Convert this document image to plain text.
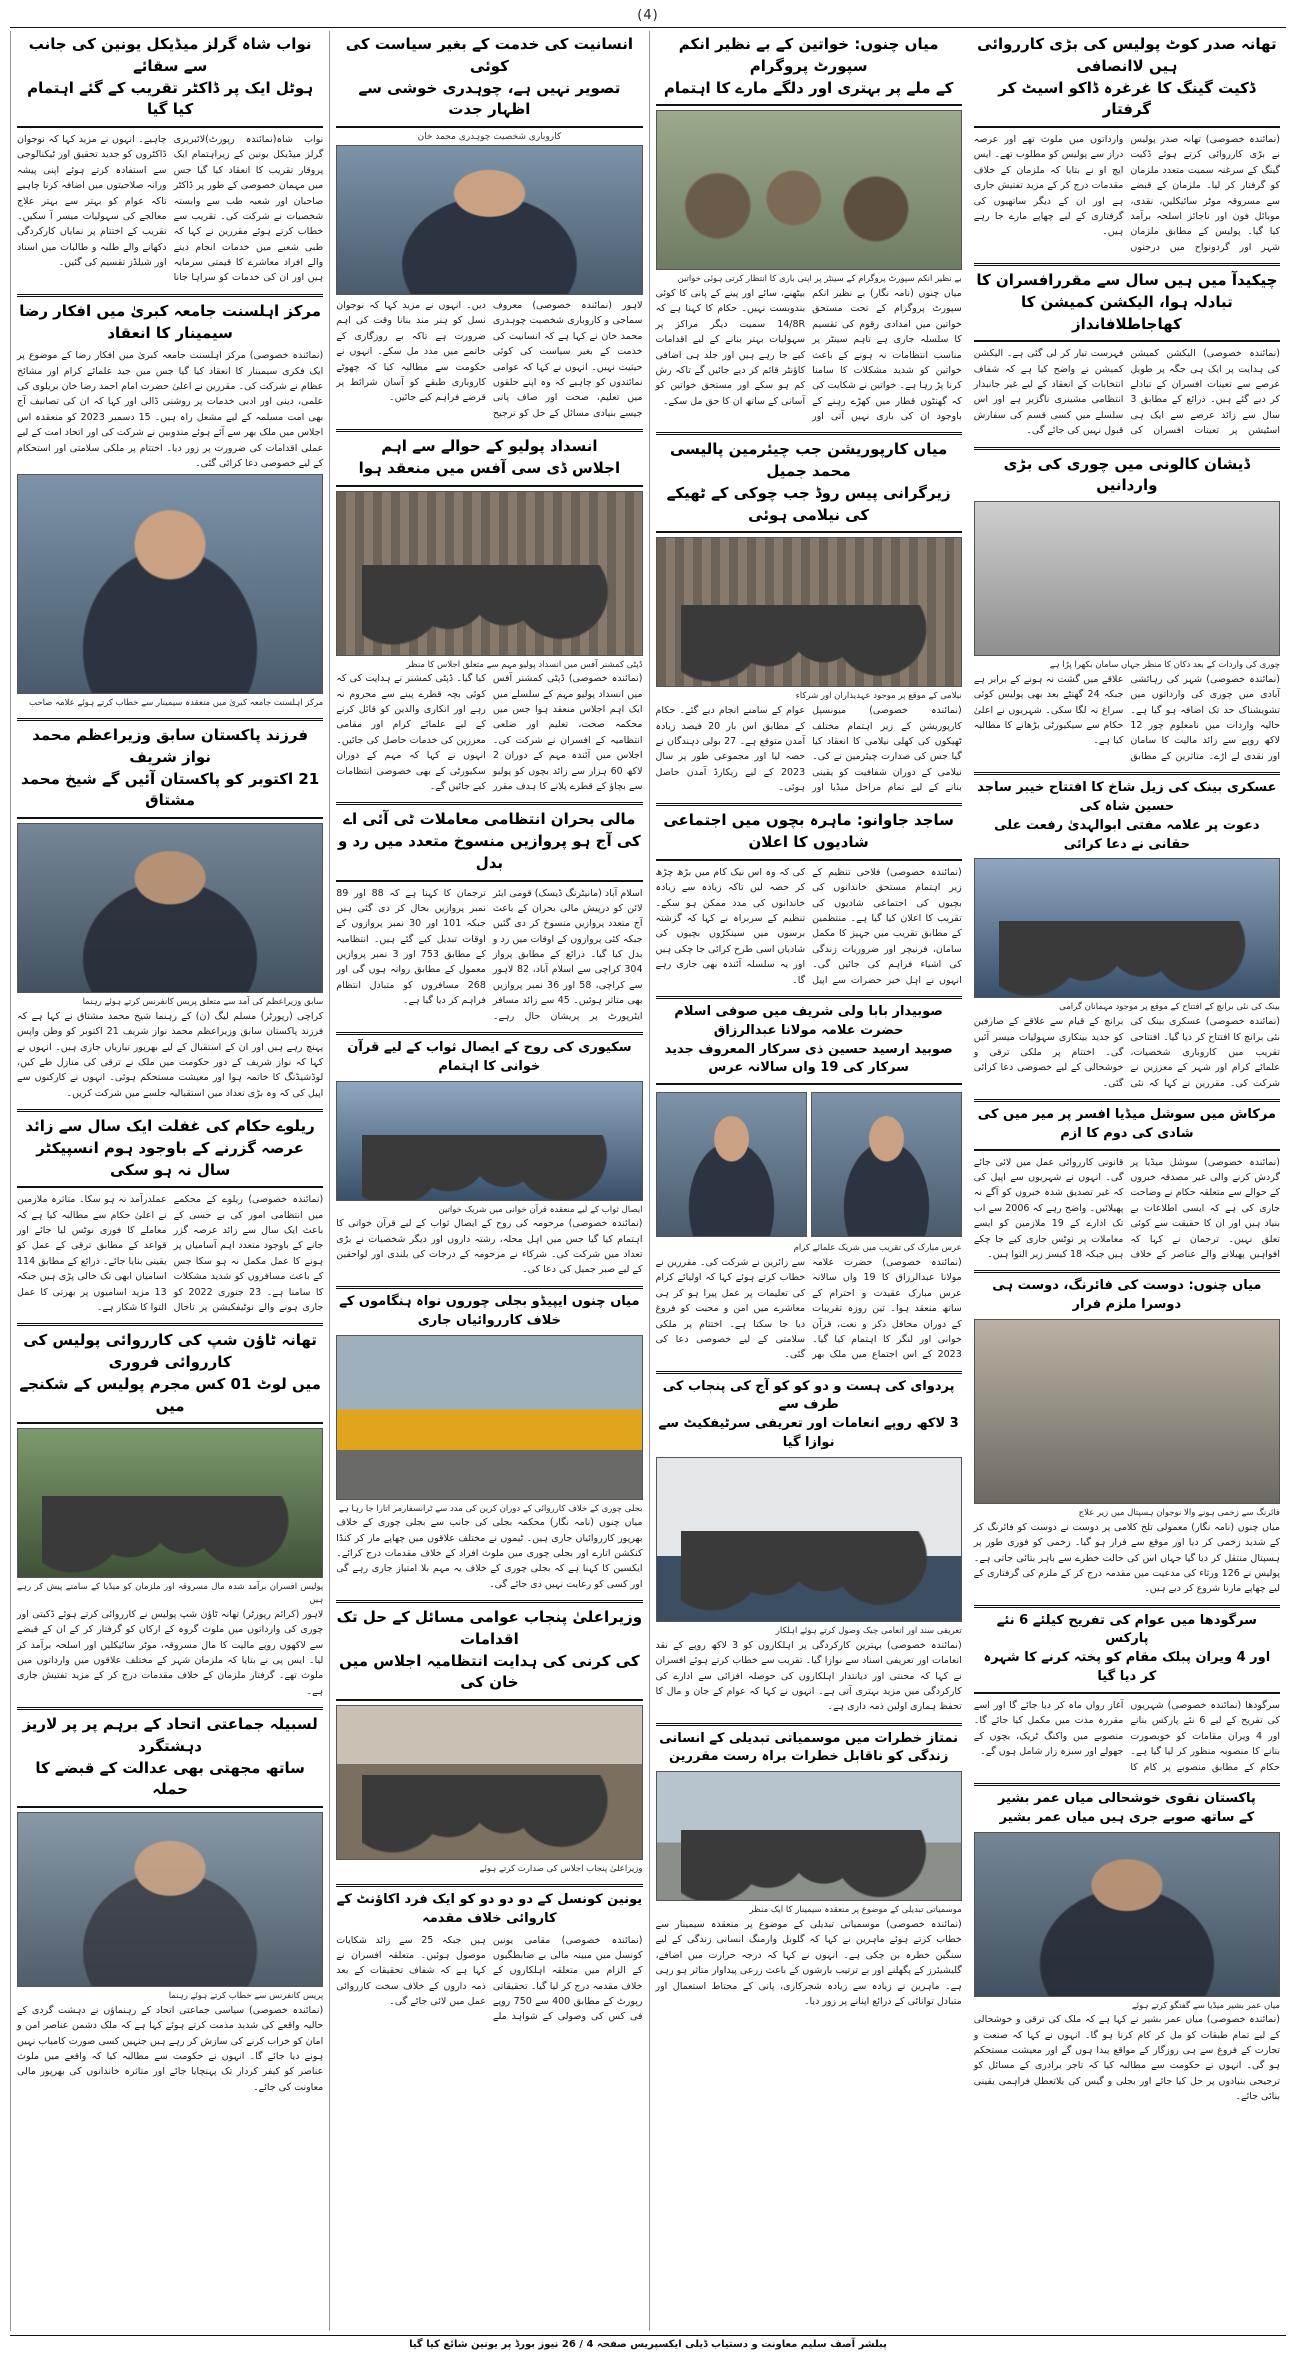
(4)
نواب شاہ گرلز میڈیکل یونین کی جانب سے سقائے
ہوٹل ایک پر ڈاکٹر تقریب کے گئے اہتمام کیا گیا
نواب شاہ(نمائندہ رپورٹ)لائبریری گرلز میڈیکل یونین کے زیراہتمام ایک پروقار تقریب کا انعقاد کیا گیا جس میں مہمان خصوصی کے طور پر ڈاکٹر صاحبان اور شعبہ طب سے وابستہ شخصیات نے شرکت کی۔ تقریب سے خطاب کرتے ہوئے مقررین نے کہا کہ طبی شعبے میں خدمات انجام دینے والے افراد معاشرے کا قیمتی سرمایہ ہیں اور ان کی خدمات کو سراہا جانا چاہیے۔ انہوں نے مزید کہا کہ نوجوان ڈاکٹروں کو جدید تحقیق اور ٹیکنالوجی سے استفادہ کرتے ہوئے اپنی پیشہ ورانہ صلاحیتوں میں اضافہ کرنا چاہیے تاکہ عوام کو بہتر سے بہتر علاج معالجے کی سہولیات میسر آ سکیں۔ تقریب کے اختتام پر نمایاں کارکردگی دکھانے والے طلبہ و طالبات میں اسناد اور شیلڈز تقسیم کی گئیں۔
مرکز اہلسنت جامعہ کبریٰ میں افکار رضا سیمینار کا انعقاد
(نمائندہ خصوصی) مرکز اہلسنت جامعہ کبریٰ میں افکار رضا کے موضوع پر ایک فکری سیمینار کا انعقاد کیا گیا جس میں جید علمائے کرام اور مشائخ عظام نے شرکت کی۔ مقررین نے اعلیٰ حضرت امام احمد رضا خان بریلوی کی علمی، دینی اور ادبی خدمات پر روشنی ڈالی اور کہا کہ ان کی تصانیف آج بھی امت مسلمہ کے لیے مشعل راہ ہیں۔ 15 دسمبر 2023 کو منعقدہ اس اجلاس میں ملک بھر سے آئے ہوئے مندوبین نے شرکت کی اور اتحاد امت کے لیے عملی اقدامات کی ضرورت پر زور دیا۔ اختتام پر ملکی سلامتی اور استحکام کے لیے خصوصی دعا کرائی گئی۔
مرکز اہلسنت جامعہ کبریٰ میں منعقدہ سیمینار سے خطاب کرتے ہوئے علامہ صاحب
فرزند پاکستان سابق وزیراعظم محمد نواز شریف
21 اکتوبر کو پاکستان آئیں گے شیخ محمد مشتاق
سابق وزیراعظم کی آمد سے متعلق پریس کانفرنس کرتے ہوئے رہنما
کراچی (رپورٹر) مسلم لیگ (ن) کے رہنما شیخ محمد مشتاق نے کہا ہے کہ فرزند پاکستان سابق وزیراعظم محمد نواز شریف 21 اکتوبر کو وطن واپس پہنچ رہے ہیں اور ان کے استقبال کے لیے بھرپور تیاریاں جاری ہیں۔ انہوں نے کہا کہ نواز شریف کے دور حکومت میں ملک نے ترقی کی منازل طے کیں، لوڈشیڈنگ کا خاتمہ ہوا اور معیشت مستحکم ہوئی۔ انہوں نے کارکنوں سے اپیل کی کہ وہ بڑی تعداد میں استقبالیہ جلسے میں شرکت کریں۔
ریلوے حکام کی غفلت ایک سال سے زائد
عرصہ گزرنے کے باوجود ہوم انسپیکٹر سال نہ ہو سکی
(نمائندہ خصوصی) ریلوے کے محکمے میں انتظامی امور کی بے حسی کے باعث ایک سال سے زائد عرصہ گزر جانے کے باوجود متعدد اہم آسامیاں پر ہونے کا عمل مکمل نہ ہو سکا جس کے باعث مسافروں کو شدید مشکلات کا سامنا ہے۔ 23 جنوری 2022 کو جاری ہونے والے نوٹیفکیشن پر تاحال عملدرآمد نہ ہو سکا۔ متاثرہ ملازمین نے اعلیٰ حکام سے مطالبہ کیا ہے کہ معاملے کا فوری نوٹس لیا جائے اور قواعد کے مطابق ترقی کے عمل کو یقینی بنایا جائے۔ ذرائع کے مطابق 114 اسامیاں ابھی تک خالی پڑی ہیں جبکہ 13 مزید اسامیوں پر بھرتی کا عمل التوا کا شکار ہے۔
تھانہ ٹاؤن شپ کی کارروائی پولیس کی کارروائی فروری
میں لوٹ 01 کس مجرم پولیس کے شکنجے میں
پولیس افسران برآمد شدہ مال مسروقہ اور ملزمان کو میڈیا کے سامنے پیش کر رہے ہیں
لاہور (کرائم رپورٹر) تھانہ ٹاؤن شپ پولیس نے کارروائی کرتے ہوئے ڈکیتی اور چوری کی وارداتوں میں ملوث گروہ کے ارکان کو گرفتار کر کے ان کے قبضے سے لاکھوں روپے مالیت کا مال مسروقہ، موٹر سائیکلیں اور اسلحہ برآمد کر لیا۔ ایس پی نے بتایا کہ ملزمان شہر کے مختلف علاقوں میں وارداتوں میں ملوث تھے۔ گرفتار ملزمان کے خلاف مقدمات درج کر کے مزید تفتیش جاری ہے۔
لسبیلہ جماعتی اتحاد کے برہم پر پر لاریز دہشتگرد
ساتھ مجھتی بھی عدالت کے قبضے کا حملہ
پریس کانفرنس سے خطاب کرتے ہوئے رہنما
(نمائندہ خصوصی) سیاسی جماعتی اتحاد کے رہنماؤں نے دہشت گردی کے حالیہ واقعے کی شدید مذمت کرتے ہوئے کہا ہے کہ ملک دشمن عناصر امن و امان کو خراب کرنے کی سازش کر رہے ہیں جنہیں کسی صورت کامیاب نہیں ہونے دیا جائے گا۔ انہوں نے حکومت سے مطالبہ کیا کہ واقعے میں ملوث عناصر کو کیفر کردار تک پہنچایا جائے اور متاثرہ خاندانوں کی بھرپور مالی معاونت کی جائے۔
انسانیت کی خدمت کے بغیر سیاست کی کوئی
تصویر نہیں ہے، چوہدری خوشی سے اظہار جدت
کاروباری شخصیت چوہدری محمد خان
لاہور (نمائندہ خصوصی) معروف سماجی و کاروباری شخصیت چوہدری محمد خان نے کہا ہے کہ انسانیت کی خدمت کے بغیر سیاست کی کوئی حیثیت نہیں۔ انہوں نے کہا کہ عوامی نمائندوں کو چاہیے کہ وہ اپنے حلقوں میں تعلیم، صحت اور صاف پانی جیسے بنیادی مسائل کے حل کو ترجیح دیں۔ انہوں نے مزید کہا کہ نوجوان نسل کو ہنر مند بنانا وقت کی اہم ضرورت ہے تاکہ بے روزگاری کے خاتمے میں مدد مل سکے۔ انہوں نے حکومت سے مطالبہ کیا کہ چھوٹے کاروباری طبقے کو آسان شرائط پر قرضے فراہم کیے جائیں۔
انسداد پولیو کے حوالے سے اہم
اجلاس ڈی سی آفس میں منعقد ہوا
ڈپٹی کمشنر آفس میں انسداد پولیو مہم سے متعلق اجلاس کا منظر
(نمائندہ خصوصی) ڈپٹی کمشنر آفس میں انسداد پولیو مہم کے سلسلے میں ایک اہم اجلاس منعقد ہوا جس میں محکمہ صحت، تعلیم اور ضلعی انتظامیہ کے افسران نے شرکت کی۔ اجلاس میں آئندہ مہم کے دوران 2 لاکھ 60 ہزار سے زائد بچوں کو پولیو سے بچاؤ کے قطرے پلانے کا ہدف مقرر کیا گیا۔ ڈپٹی کمشنر نے ہدایت کی کہ کوئی بچہ قطرے پینے سے محروم نہ رہے اور انکاری والدین کو قائل کرنے کے لیے علمائے کرام اور مقامی معززین کی خدمات حاصل کی جائیں۔ انہوں نے کہا کہ مہم کے دوران سکیورٹی کے بھی خصوصی انتظامات کیے جائیں گے۔
مالی بحران انتظامی معاملات ٹی آئی اے
کی آج ہو پروازیں منسوخ متعدد میں رد و بدل
اسلام آباد (مانیٹرنگ ڈیسک) قومی ایئر لائن کو درپیش مالی بحران کے باعث آج متعدد پروازیں منسوخ کر دی گئیں جبکہ کئی پروازوں کے اوقات میں رد و بدل کیا گیا۔ ذرائع کے مطابق پرواز 304 کراچی سے اسلام آباد، 82 لاہور سے کراچی، 58 اور 36 نمبر پروازیں بھی متاثر ہوئیں۔ 45 سے زائد مسافر ایئرپورٹ پر پریشان حال رہے۔ ترجمان کا کہنا ہے کہ 88 اور 89 نمبر پروازیں بحال کر دی گئی ہیں جبکہ 101 اور 30 نمبر پروازوں کے اوقات تبدیل کیے گئے ہیں۔ انتظامیہ کے مطابق 753 اور 3 نمبر پروازیں معمول کے مطابق روانہ ہوں گی اور 268 مسافروں کو متبادل انتظام فراہم کر دیا گیا ہے۔
سکیوری کی روح کے ایصال ثواب کے لیے قرآن خوانی کا اہتمام
ایصال ثواب کے لیے منعقدہ قرآن خوانی میں شریک خواتین
(نمائندہ خصوصی) مرحومہ کی روح کے ایصال ثواب کے لیے قرآن خوانی کا اہتمام کیا گیا جس میں اہل محلہ، رشتہ داروں اور دیگر شخصیات نے بڑی تعداد میں شرکت کی۔ شرکاء نے مرحومہ کے درجات کی بلندی اور لواحقین کے لیے صبر جمیل کی دعا کی۔
میاں چنوں ایپیڈو بجلی چوروں نواہ ہنگاموں کے خلاف کارروائیاں جاری
بجلی چوری کے خلاف کارروائی کے دوران کرین کی مدد سے ٹرانسفارمر اتارا جا رہا ہے
میاں چنوں (نامہ نگار) محکمہ بجلی کی جانب سے بجلی چوری کے خلاف بھرپور کارروائیاں جاری ہیں۔ ٹیموں نے مختلف علاقوں میں چھاپے مار کر کنڈا کنکشن اتارے اور بجلی چوری میں ملوث افراد کے خلاف مقدمات درج کرائے۔ ایکسین کا کہنا ہے کہ بجلی چوری کے خلاف یہ مہم بلا امتیاز جاری رہے گی اور کسی کو رعایت نہیں دی جائے گی۔
وزیراعلیٰ پنجاب عوامی مسائل کے حل تک اقدامات
کی کرنی کی ہدایت انتظامیہ اجلاس میں خان کی
وزیراعلیٰ پنجاب اجلاس کی صدارت کرتے ہوئے
یونین کونسل کے دو دو دو کو ایک فرد اکاؤنٹ کے کاروائی خلاف مقدمہ
(نمائندہ خصوصی) مقامی یونین کونسل میں مبینہ مالی بے ضابطگیوں کے الزام میں متعلقہ اہلکاروں کے خلاف مقدمہ درج کر لیا گیا۔ تحقیقاتی رپورٹ کے مطابق 400 سے 750 روپے فی کس کی وصولی کے شواہد ملے ہیں جبکہ 25 سے زائد شکایات موصول ہوئیں۔ متعلقہ افسران نے کہا ہے کہ شفاف تحقیقات کے بعد ذمہ داروں کے خلاف سخت کارروائی عمل میں لائی جائے گی۔
میاں چنوں: خواتین کے بے نظیر انکم سپورٹ پروگرام
کے ملے پر بہتری اور دلگے مارے کا اہتمام
بے نظیر انکم سپورٹ پروگرام کے سینٹر پر اپنی باری کا انتظار کرتی ہوئی خواتین
میاں چنوں (نامہ نگار) بے نظیر انکم سپورٹ پروگرام کے تحت مستحق خواتین میں امدادی رقوم کی تقسیم کا سلسلہ جاری ہے تاہم سینٹر پر مناسب انتظامات نہ ہونے کے باعث خواتین کو شدید مشکلات کا سامنا کرنا پڑ رہا ہے۔ خواتین نے شکایت کی کہ گھنٹوں قطار میں کھڑے رہنے کے باوجود ان کی باری نہیں آتی اور بیٹھنے، سائے اور پینے کے پانی کا کوئی بندوبست نہیں۔ حکام کا کہنا ہے کہ 14/8R سمیت دیگر مراکز پر سہولیات بہتر بنانے کے لیے اقدامات کیے جا رہے ہیں اور جلد ہی اضافی کاؤنٹر قائم کر دیے جائیں گے تاکہ رش کم ہو سکے اور مستحق خواتین کو آسانی کے ساتھ ان کا حق مل سکے۔
میاں کارپوریشن جب چیئرمین پالیسی محمد جمیل
زیرگرانی پیس روڈ جب چوکی کے ٹھیکے کی نیلامی ہوئی
نیلامی کے موقع پر موجود عہدیداران اور شرکاء
(نمائندہ خصوصی) میونسپل کارپوریشن کے زیر اہتمام مختلف ٹھیکوں کی کھلی نیلامی کا انعقاد کیا گیا جس کی صدارت چیئرمین نے کی۔ نیلامی کے دوران شفافیت کو یقینی بنانے کے لیے تمام مراحل میڈیا اور عوام کے سامنے انجام دیے گئے۔ حکام کے مطابق اس بار 20 فیصد زیادہ آمدن متوقع ہے۔ 27 بولی دہندگان نے حصہ لیا اور مجموعی طور پر سال 2023 کے لیے ریکارڈ آمدن حاصل ہوئی۔
ساجد جاوانو: ماہرہ بچوں میں اجتماعی شادیوں کا اعلان
(نمائندہ خصوصی) فلاحی تنظیم کے زیر اہتمام مستحق خاندانوں کی بچیوں کی اجتماعی شادیوں کی تقریب کا اعلان کیا گیا ہے۔ منتظمین کے مطابق تقریب میں جہیز کا مکمل سامان، فرنیچر اور ضروریات زندگی کی اشیاء فراہم کی جائیں گی۔ انہوں نے اہل خیر حضرات سے اپیل کی کہ وہ اس نیک کام میں بڑھ چڑھ کر حصہ لیں تاکہ زیادہ سے زیادہ خاندانوں کی مدد ممکن ہو سکے۔ تنظیم کے سربراہ نے کہا کہ گزشتہ برسوں میں سینکڑوں بچیوں کی شادیاں اسی طرح کرائی جا چکی ہیں اور یہ سلسلہ آئندہ بھی جاری رہے گا۔
صوبیدار بابا ولی شریف میں صوفی اسلام حضرت علامہ مولانا عبدالرزاق
صوبید ارسید حسین ذی سرکار المعروف جدید سرکار کی 19 واں سالانہ عرس
عرس مبارک کی تقریب میں شریک علمائے کرام
(نمائندہ خصوصی) حضرت علامہ مولانا عبدالرزاق کا 19 واں سالانہ عرس مبارک عقیدت و احترام کے ساتھ منعقد ہوا۔ تین روزہ تقریبات کے دوران محافل ذکر و نعت، قرآن خوانی اور لنگر کا اہتمام کیا گیا۔ 2023 کے اس اجتماع میں ملک بھر سے زائرین نے شرکت کی۔ مقررین نے خطاب کرتے ہوئے کہا کہ اولیائے کرام کی تعلیمات پر عمل پیرا ہو کر ہی معاشرے میں امن و محبت کو فروغ دیا جا سکتا ہے۔ اختتام پر ملکی سلامتی کے لیے خصوصی دعا کی گئی۔
پردوای کی ہست و دو کو کو آج کی پنجاب کی طرف سے
3 لاکھ روپے انعامات اور تعریفی سرٹیفکیٹ سے نوازا گیا
تعریفی سند اور انعامی چیک وصول کرتے ہوئے اہلکار
(نمائندہ خصوصی) بہترین کارکردگی پر اہلکاروں کو 3 لاکھ روپے کے نقد انعامات اور تعریفی اسناد سے نوازا گیا۔ تقریب سے خطاب کرتے ہوئے افسران نے کہا کہ محنتی اور دیانتدار اہلکاروں کی حوصلہ افزائی سے ادارے کی کارکردگی میں مزید بہتری آتی ہے۔ انہوں نے کہا کہ عوام کے جان و مال کا تحفظ ہماری اولین ذمہ داری ہے۔
نمتاز خطرات میں موسمیاتی تبدیلی کے انسانی
زندگی کو ناقابل خطرات براہ رست مقررین
موسمیاتی تبدیلی کے موضوع پر منعقدہ سیمینار کا ایک منظر
(نمائندہ خصوصی) موسمیاتی تبدیلی کے موضوع پر منعقدہ سیمینار سے خطاب کرتے ہوئے ماہرین نے کہا کہ گلوبل وارمنگ انسانی زندگی کے لیے سنگین خطرہ بن چکی ہے۔ انہوں نے کہا کہ درجہ حرارت میں اضافے، گلیشیئرز کے پگھلنے اور بے ترتیب بارشوں کے باعث زرعی پیداوار متاثر ہو رہی ہے۔ ماہرین نے زیادہ سے زیادہ شجرکاری، پانی کے محتاط استعمال اور متبادل توانائی کے ذرائع اپنانے پر زور دیا۔
تھانہ صدر کوٹ پولیس کی بڑی کارروائی ہیں لاانصافی
ڈکیت گینگ کا غرغرہ ڈاکو اسیٹ کر گرفتار
(نمائندہ خصوصی) تھانہ صدر پولیس نے بڑی کارروائی کرتے ہوئے ڈکیت گینگ کے سرغنہ سمیت متعدد ملزمان کو گرفتار کر لیا۔ ملزمان کے قبضے سے مسروقہ موٹر سائیکلیں، نقدی، موبائل فون اور ناجائز اسلحہ برآمد کیا گیا۔ پولیس کے مطابق ملزمان شہر اور گردونواح میں درجنوں وارداتوں میں ملوث تھے اور عرصہ دراز سے پولیس کو مطلوب تھے۔ ایس ایچ او نے بتایا کہ ملزمان کے خلاف مقدمات درج کر کے مزید تفتیش جاری ہے اور ان کے دیگر ساتھیوں کی گرفتاری کے لیے چھاپے مارے جا رہے ہیں۔
چیکیدآ میں ہیں سال سے مقررافسران کا
تبادلہ ہوا، الیکشن کمیشن کا کھاجاطلافانداز
(نمائندہ خصوصی) الیکشن کمیشن کی ہدایت پر ایک ہی جگہ پر طویل عرصے سے تعینات افسران کے تبادلے کر دیے گئے ہیں۔ ذرائع کے مطابق 3 سال سے زائد عرصے سے ایک ہی اسٹیشن پر تعینات افسران کی فہرست تیار کر لی گئی ہے۔ الیکشن کمیشن نے واضح کیا ہے کہ شفاف انتخابات کے انعقاد کے لیے غیر جانبدار انتظامی مشینری ناگزیر ہے اور اس سلسلے میں کسی قسم کی سفارش قبول نہیں کی جائے گی۔
ڈیشان کالونی میں چوری کی بڑی واردانیں
چوری کی واردات کے بعد دکان کا منظر جہاں سامان بکھرا پڑا ہے
(نمائندہ خصوصی) شہر کی رہائشی آبادی میں چوری کی وارداتوں میں تشویشناک حد تک اضافہ ہو گیا ہے۔ حالیہ واردات میں نامعلوم چور 12 لاکھ روپے سے زائد مالیت کا سامان اور نقدی لے اڑے۔ متاثرین کے مطابق علاقے میں گشت نہ ہونے کے برابر ہے جبکہ 24 گھنٹے بعد بھی پولیس کوئی سراغ نہ لگا سکی۔ شہریوں نے اعلیٰ حکام سے سیکیورٹی بڑھانے کا مطالبہ کیا ہے۔
عسکری بینک کی زیل شاخ کا افتتاح خیبر ساجد حسین شاہ کی
دعوت پر علامہ مفتی ابوالہدیٰ رفعت علی حقانی نے دعا کرائی
بینک کی نئی برانچ کے افتتاح کے موقع پر موجود مہمانان گرامی
(نمائندہ خصوصی) عسکری بینک کی نئی برانچ کا افتتاح کر دیا گیا۔ افتتاحی تقریب میں کاروباری شخصیات، علمائے کرام اور شہر کے معززین نے شرکت کی۔ مقررین نے کہا کہ نئی برانچ کے قیام سے علاقے کے صارفین کو جدید بینکاری سہولیات میسر آئیں گی۔ اختتام پر ملکی ترقی و خوشحالی کے لیے خصوصی دعا کرائی گئی۔
مرکاش میں سوشل میڈیا افسر پر میر میں کی شادی کی دوم کا ازم
(نمائندہ خصوصی) سوشل میڈیا پر گردش کرنے والی غیر مصدقہ خبروں کے حوالے سے متعلقہ حکام نے وضاحت جاری کی ہے کہ ایسی اطلاعات بے بنیاد ہیں اور ان کا حقیقت سے کوئی تعلق نہیں۔ ترجمان نے کہا کہ افواہیں پھیلانے والے عناصر کے خلاف قانونی کارروائی عمل میں لائی جائے گی۔ انہوں نے شہریوں سے اپیل کی کہ غیر تصدیق شدہ خبروں کو آگے نہ پھیلائیں۔ واضح رہے کہ 2006 سے اب تک ادارے کے 19 ملازمین کو ایسے معاملات پر نوٹس جاری کیے جا چکے ہیں جبکہ 18 کیسز زیر التوا ہیں۔
میاں چنوں: دوست کی فائرنگ، دوست ہی دوسرا ملزم فرار
فائرنگ سے زخمی ہونے والا نوجوان ہسپتال میں زیر علاج
میاں چنوں (نامہ نگار) معمولی تلخ کلامی پر دوست نے دوست کو فائرنگ کر کے شدید زخمی کر دیا اور موقع سے فرار ہو گیا۔ زخمی کو فوری طور پر ہسپتال منتقل کر دیا گیا جہاں اس کی حالت خطرے سے باہر بتائی جاتی ہے۔ پولیس نے 126 ورثاء کی مدعیت میں مقدمہ درج کر کے ملزم کی گرفتاری کے لیے چھاپے مارنا شروع کر دیے ہیں۔
سرگودھا میں عوام کی تفریح کیلئے 6 نئے پارکس
اور 4 ویران پبلک مقام کو پختہ کرنے کا شہرہ کر دیا گیا
سرگودھا (نمائندہ خصوصی) شہریوں کی تفریح کے لیے 6 نئے پارکس بنانے اور 4 ویران مقامات کو خوبصورت بنانے کا منصوبہ منظور کر لیا گیا ہے۔ حکام کے مطابق منصوبے پر کام کا آغاز رواں ماہ کر دیا جائے گا اور اسے مقررہ مدت میں مکمل کیا جائے گا۔ منصوبے میں واکنگ ٹریک، بچوں کے جھولے اور سبزہ زار شامل ہوں گے۔
پاکستان نقوی خوشحالی میاں عمر بشیر
کے ساتھ صوبے جری ہیں میاں عمر بشیر
میاں عمر بشیر میڈیا سے گفتگو کرتے ہوئے
(نمائندہ خصوصی) میاں عمر بشیر نے کہا ہے کہ ملک کی ترقی و خوشحالی کے لیے تمام طبقات کو مل کر کام کرنا ہو گا۔ انہوں نے کہا کہ صنعت و تجارت کے فروغ سے ہی روزگار کے مواقع پیدا ہوں گے اور معیشت مستحکم ہو گی۔ انہوں نے حکومت سے مطالبہ کیا کہ تاجر برادری کے مسائل کو ترجیحی بنیادوں پر حل کیا جائے اور بجلی و گیس کی بلاتعطل فراہمی یقینی بنائی جائے۔
پبلشر آصف سلیم معاونت و دستیاب ڈیلی ایکسپریس صفحہ 4 / 26 نیوز بورڈ پر یونین شائع کیا گیا
